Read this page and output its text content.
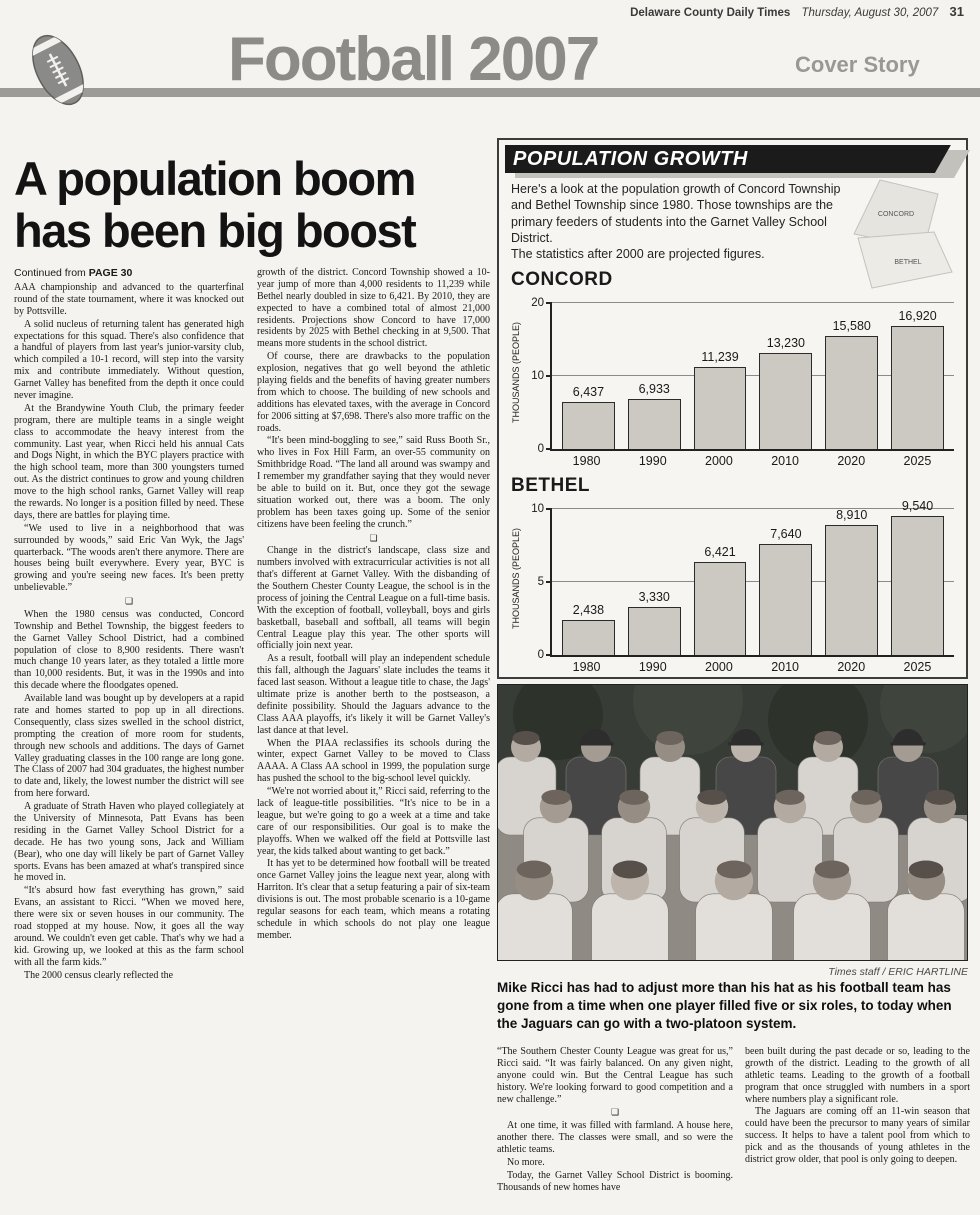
Delaware County Daily Times Thursday, August 30, 2007 31
Football 2007	Cover Story
A population boom has been big boost
Continued from PAGE 30

AAA championship and advanced to the quarterfinal round of the state tournament, where it was knocked out by Pottsville.

A solid nucleus of returning talent has generated high expectations for this squad. There's also confidence that a handful of players from last year's junior-varsity club, which compiled a 10-1 record, will step into the varsity mix and contribute immediately. Without question, Garnet Valley has benefited from the depth it once could never imagine.

At the Brandywine Youth Club, the primary feeder program, there are multiple teams in a single weight class to accommodate the heavy interest from the community. Last year, when Ricci held his annual Cats and Dogs Night, in which the BYC players practice with the high school team, more than 300 youngsters turned out. As the district continues to grow and young children move to the high school ranks, Garnet Valley will reap the rewards. No longer is a position filled by need. These days, there are battles for playing time.

“We used to live in a neighborhood that was surrounded by woods,” said Eric Van Wyk, the Jags' quarterback. “The woods aren't there anymore. There are houses being built everywhere. Every year, BYC is growing and you're seeing new faces. It's been pretty unbelievable.”

❏

When the 1980 census was conducted, Concord Township and Bethel Township, the biggest feeders to the Garnet Valley School District, had a combined population of close to 8,900 residents. There wasn't much change 10 years later, as they totaled a little more than 10,000 residents. But, it was in the 1990s and into this decade where the floodgates opened.

Available land was bought up by developers at a rapid rate and homes started to pop up in all directions. Consequently, class sizes swelled in the school district, prompting the creation of more room for students, through new schools and additions. The days of Garnet Valley graduating classes in the 100 range are long gone. The Class of 2007 had 304 graduates, the highest number to date and, likely, the lowest number the district will see from here forward.

A graduate of Strath Haven who played collegiately at the University of Minnesota, Patt Evans has been residing in the Garnet Valley School District for a decade. He has two young sons, Jack and William (Bear), who one day will likely be part of Garnet Valley sports. Evans has been amazed at what's transpired since he moved in.

“It's absurd how fast everything has grown,” said Evans, an assistant to Ricci. “When we moved here, there were six or seven houses in our community. The road stopped at my house. Now, it goes all the way around. We couldn't even get cable. That's why we had a kid. Growing up, we looked at this as the farm school with all the farm kids.”

The 2000 census clearly reflected the

growth of the district. Concord Township showed a 10-year jump of more than 4,000 residents to 11,239 while Bethel nearly doubled in size to 6,421. By 2010, they are expected to have a combined total of almost 21,000 residents. Projections show Concord to have 17,000 residents by 2025 with Bethel checking in at 9,500. That means more students in the school district.

Of course, there are drawbacks to the population explosion, negatives that go well beyond the athletic playing fields and the benefits of having greater numbers from which to choose. The building of new schools and additions has elevated taxes, with the average in Concord for 2006 sitting at $7,698. There's also more traffic on the roads.

“It's been mind-boggling to see,” said Russ Booth Sr., who lives in Fox Hill Farm, an over-55 community on Smithbridge Road. “The land all around was swampy and I remember my grandfather saying that they would never be able to build on it. But, once they got the sewage situation worked out, there was a boom. The only problem has been taxes going up. Some of the senior citizens have been feeling the crunch.”

❏

Change in the district's landscape, class size and numbers involved with extracurricular activities is not all that's different at Garnet Valley. With the disbanding of the Southern Chester County League, the school is in the process of joining the Central League on a full-time basis. With the exception of football, volleyball, boys and girls basketball, baseball and softball, all teams will begin Central League play this year. The other sports will officially join next year.

As a result, football will play an independent schedule this fall, although the Jaguars' slate includes the teams it faced last season. Without a league title to chase, the Jags' ultimate prize is another berth to the postseason, a definite possibility. Should the Jaguars advance to the Class AAA playoffs, it's likely it will be Garnet Valley's last dance at that level.

When the PIAA reclassifies its schools during the winter, expect Garnet Valley to be moved to Class AAAA. A Class AA school in 1999, the population surge has pushed the school to the big-school level quickly.

“We're not worried about it,” Ricci said, referring to the lack of league-title possibilities. “It's nice to be in a league, but we're going to go a week at a time and take care of our responsibilities. Our goal is to make the playoffs. When we walked off the field at Pottsville last year, the kids talked about wanting to get back.”

It has yet to be determined how football will be treated once Garnet Valley joins the league next year, along with Harriton. It's clear that a setup featuring a pair of six-team divisions is out. The most probable scenario is a 10-game regular seasons for each team, which means a rotating schedule in which schools do not play one league member.

“The Southern Chester County League was great for us,” Ricci said. “It was fairly balanced. On any given night, anyone could win. But the Central League has such history. We're looking forward to good competition and a new challenge.”

❏

At one time, it was filled with farmland. A house here, another there. The classes were small, and so were the athletic teams.

No more.

Today, the Garnet Valley School District is booming. Thousands of new homes have

been built during the past decade or so, leading to the growth of the district. Leading to the growth of all athletic teams. Leading to the growth of a football program that once struggled with numbers in a sport where numbers play a significant role.

The Jaguars are coming off an 11-win season that could have been the precursor to many years of similar success. It helps to have a talent pool from which to pick and as the thousands of young athletes in the district grow older, that pool is only going to deepen.

POPULATION GROWTH
Here's a look at the population growth of Concord Township and Bethel Township since 1980. Those townships are the primary feeders of students into the Garnet Valley School District.
The statistics after 2000 are projected figures.
CONCORD
BETHEL
CONCORD
THOUSANDS (PEOPLE)
0
10
20
6,437	6,933
11,239
13,230
15,580
16,920
1980	1990	2000	2010	2020	2025
BETHEL
THOUSANDS (PEOPLE)
0
5
10
2,438
3,330
6,421
7,640
8,910
9,540
1980	1990	2000	2010	2020	2025
Times staff / ERIC HARTLINE
Mike Ricci has had to adjust more than his hat as his football team has gone from a time when one player filled five or six roles, to today when the Jaguars can go with a two-platoon system.
